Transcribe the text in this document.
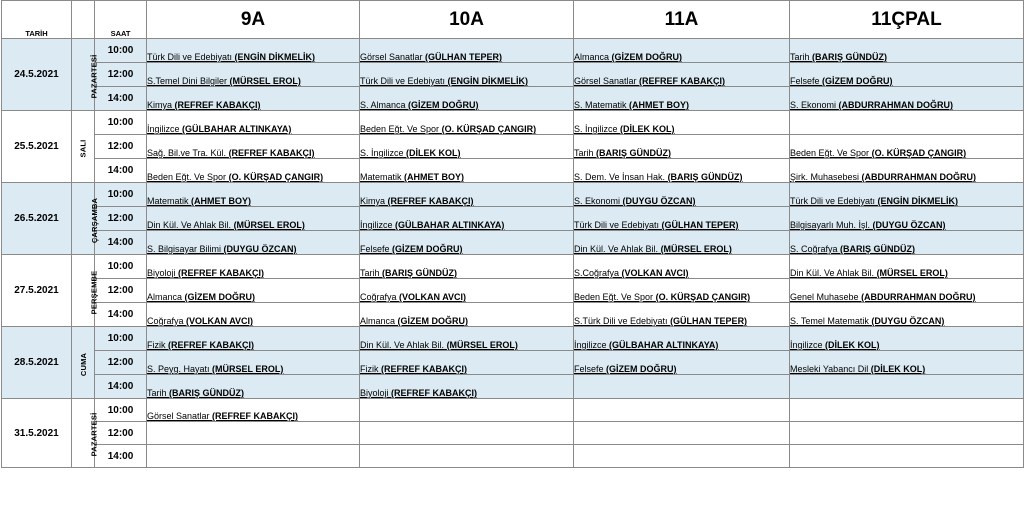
TARİH		SAAT	9A	10A	11A	11ÇPAL
24.5.2021	PAZARTESİ	10:00	Türk Dili ve Edebiyatı (ENGİN DİKMELİK)	Görsel Sanatlar (GÜLHAN TEPER)	Almanca (GİZEM DOĞRU)	Tarih (BARIŞ GÜNDÜZ)
		12:00	S.Temel Dini Bilgiler (MÜRSEL EROL)	Türk Dili ve Edebiyatı (ENGİN DİKMELİK)	Görsel Sanatlar (REFREF KABAKÇI)	Felsefe (GİZEM DOĞRU)
		14:00	Kimya (REFREF KABAKÇI)	S. Almanca (GİZEM DOĞRU)	S. Matematik (AHMET BOY)	S. Ekonomi (ABDURRAHMAN DOĞRU)
25.5.2021	SALI	10:00	İngilizce (GÜLBAHAR ALTINKAYA)	Beden Eğt. Ve Spor (O. KÜRŞAD ÇANGIR)	S. İngilizce (DİLEK KOL)	
		12:00	Sağ. Bil.ve Tra. Kül. (REFREF KABAKÇI)	S. İngilizce (DİLEK KOL)	Tarih (BARIŞ GÜNDÜZ)	Beden Eğt. Ve Spor (O. KÜRŞAD ÇANGIR)
		14:00	Beden Eğt. Ve Spor (O. KÜRŞAD ÇANGIR)	Matematik (AHMET BOY)	S. Dem. Ve İnsan Hak. (BARIŞ GÜNDÜZ)	Şirk. Muhasebesi (ABDURRAHMAN DOĞRU)
26.5.2021	ÇARŞAMBA	10:00	Matematik (AHMET BOY)	Kimya (REFREF KABAKÇI)	S. Ekonomi (DUYGU ÖZCAN)	Türk Dili ve Edebiyatı (ENGİN DİKMELİK)
		12:00	Din Kül. Ve Ahlak Bil. (MÜRSEL EROL)	İngilizce (GÜLBAHAR ALTINKAYA)	Türk Dili ve Edebiyatı (GÜLHAN TEPER)	Bilgisayarlı Muh. İşl. (DUYGU ÖZCAN)
		14:00	S. Bilgisayar Bilimi (DUYGU ÖZCAN)	Felsefe (GİZEM DOĞRU)	Din Kül. Ve Ahlak Bil. (MÜRSEL EROL)	S. Coğrafya (BARIŞ GÜNDÜZ)
27.5.2021	PERŞEMBE	10:00	Biyoloji (REFREF KABAKÇI)	Tarih (BARIŞ GÜNDÜZ)	S.Coğrafya (VOLKAN AVCI)	Din Kül. Ve Ahlak Bil. (MÜRSEL EROL)
		12:00	Almanca (GİZEM DOĞRU)	Coğrafya (VOLKAN AVCI)	Beden Eğt. Ve Spor (O. KÜRŞAD ÇANGIR)	Genel Muhasebe (ABDURRAHMAN DOĞRU)
		14:00	Coğrafya (VOLKAN AVCI)	Almanca (GİZEM DOĞRU)	S.Türk Dili ve Edebiyatı (GÜLHAN TEPER)	S. Temel Matematik (DUYGU ÖZCAN)
28.5.2021	CUMA	10:00	Fizik (REFREF KABAKÇI)	Din Kül. Ve Ahlak Bil. (MÜRSEL EROL)	İngilizce (GÜLBAHAR ALTINKAYA)	İngilizce (DİLEK KOL)
		12:00	S. Peyg. Hayatı (MÜRSEL EROL)	Fizik (REFREF KABAKÇI)	Felsefe (GİZEM DOĞRU)	Mesleki Yabancı Dil (DİLEK KOL)
		14:00	Tarih (BARIŞ GÜNDÜZ)	Biyoloji (REFREF KABAKÇI)		
31.5.2021	PAZARTESİ	10:00	Görsel Sanatlar (REFREF KABAKÇI)			
		12:00				
		14:00				
